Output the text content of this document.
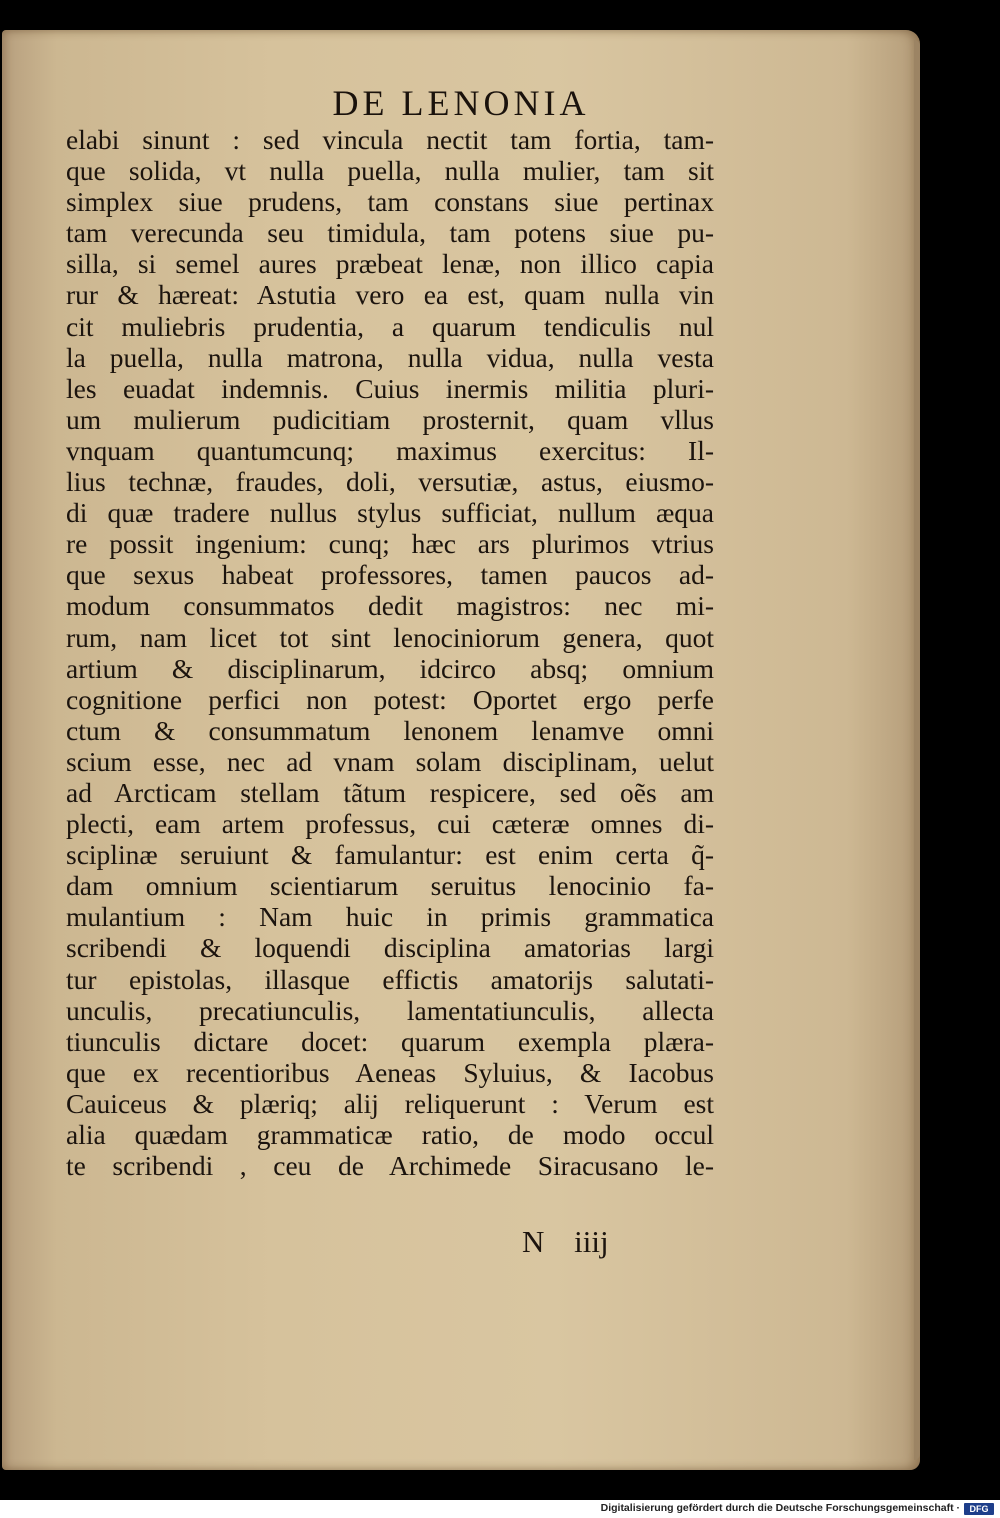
DE LENONIA
elabi sinunt : sed vincula nectit tam fortia, tam-
que solida, vt nulla puella, nulla mulier, tam sit
simplex siue prudens, tam constans siue pertinax
tam verecunda seu timidula, tam potens siue pu-
silla, si semel aures præbeat lenæ, non illico capia
rur & hæreat: Astutia vero ea est, quam nulla vin
cit muliebris prudentia, a quarum tendiculis nul
la puella, nulla matrona, nulla vidua, nulla vesta
les euadat indemnis. Cuius inermis militia pluri-
um mulierum pudicitiam prosternit, quam vllus
vnquam quantumcunq; maximus exercitus: Il-
lius technæ, fraudes, doli, versutiæ, astus, eiusmo-
di quæ tradere nullus stylus sufficiat, nullum æqua
re possit ingenium: cunq; hæc ars plurimos vtrius
que sexus habeat professores, tamen paucos ad-
modum consummatos dedit magistros: nec mi-
rum, nam licet tot sint lenociniorum genera, quot
artium & disciplinarum, idcirco absq; omnium
cognitione perfici non potest: Oportet ergo perfe
ctum & consummatum lenonem lenamve omni
scium esse, nec ad vnam solam disciplinam, uelut
ad Arcticam stellam tãtum respicere, sed oẽs am
plecti, eam artem professus, cui cæteræ omnes di-
sciplinæ seruiunt & famulantur: est enim certa q̃-
dam omnium scientiarum seruitus lenocinio fa-
mulantium : Nam huic in primis grammatica
scribendi & loquendi disciplina amatorias largi
tur epistolas, illasque effictis amatorijs salutati-
unculis, precatiunculis, lamentatiunculis, allecta
tiunculis dictare docet: quarum exempla plæra-
que ex recentioribus Aeneas Syluius, & Iacobus
Cauiceus & plæriq; alij reliquerunt : Verum est
alia quædam grammaticæ ratio, de modo occul
te scribendi , ceu de Archimede Siracusano le-
N iiij
Digitalisierung gefördert durch die Deutsche Forschungsgemeinschaft ·	DFG
